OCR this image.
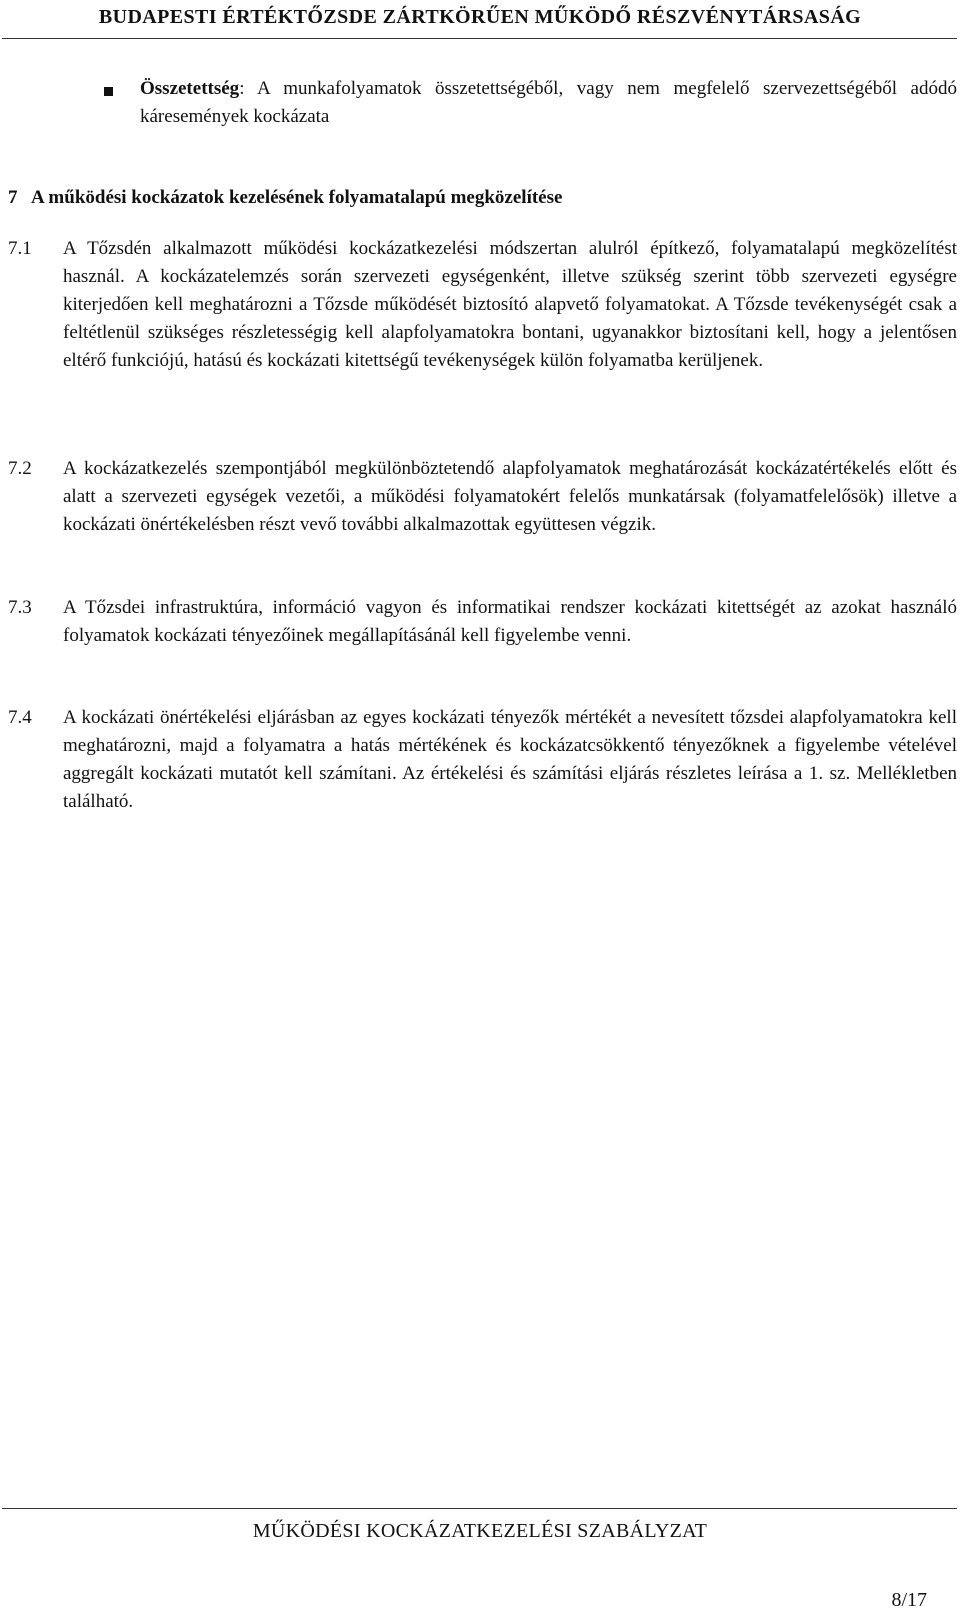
BUDAPESTI ÉRTÉKTŐZSDE ZÁRTKÖRŰEN MŰKÖDŐ RÉSZVÉNYTÁRSASÁG
Összetettség: A munkafolyamatok összetettségéből, vagy nem megfelelő szervezettségéből adódó káresemények kockázata
7 A működési kockázatok kezelésének folyamatalapú megközelítése
7.1	A Tőzsdén alkalmazott működési kockázatkezelési módszertan alulról építkező, folyamatalapú megközelítést használ. A kockázatelemzés során szervezeti egységenként, illetve szükség szerint több szervezeti egységre kiterjedően kell meghatározni a Tőzsde működését biztosító alapvető folyamatokat. A Tőzsde tevékenységét csak a feltétlenül szükséges részletességig kell alapfolyamatokra bontani, ugyanakkor biztosítani kell, hogy a jelentősen eltérő funkciójú, hatású és kockázati kitettségű tevékenységek külön folyamatba kerüljenek.
7.2	A kockázatkezelés szempontjából megkülönböztetendő alapfolyamatok meghatározását kockázatértékelés előtt és alatt a szervezeti egységek vezetői, a működési folyamatokért felelős munkatársak (folyamatfelelősök) illetve a kockázati önértékelésben részt vevő további alkalmazottak együttesen végzik.
7.3	A Tőzsdei infrastruktúra, információ vagyon és informatikai rendszer kockázati kitettségét az azokat használó folyamatok kockázati tényezőinek megállapításánál kell figyelembe venni.
7.4	A kockázati önértékelési eljárásban az egyes kockázati tényezők mértékét a nevesített tőzsdei alapfolyamatokra kell meghatározni, majd a folyamatra a hatás mértékének és kockázatcsökkentő tényezőknek a figyelembe vételével aggregált kockázati mutatót kell számítani. Az értékelési és számítási eljárás részletes leírása a 1. sz. Mellékletben található.
MŰKÖDÉSI KOCKÁZATKEZELÉSI SZABÁLYZAT
8/17
